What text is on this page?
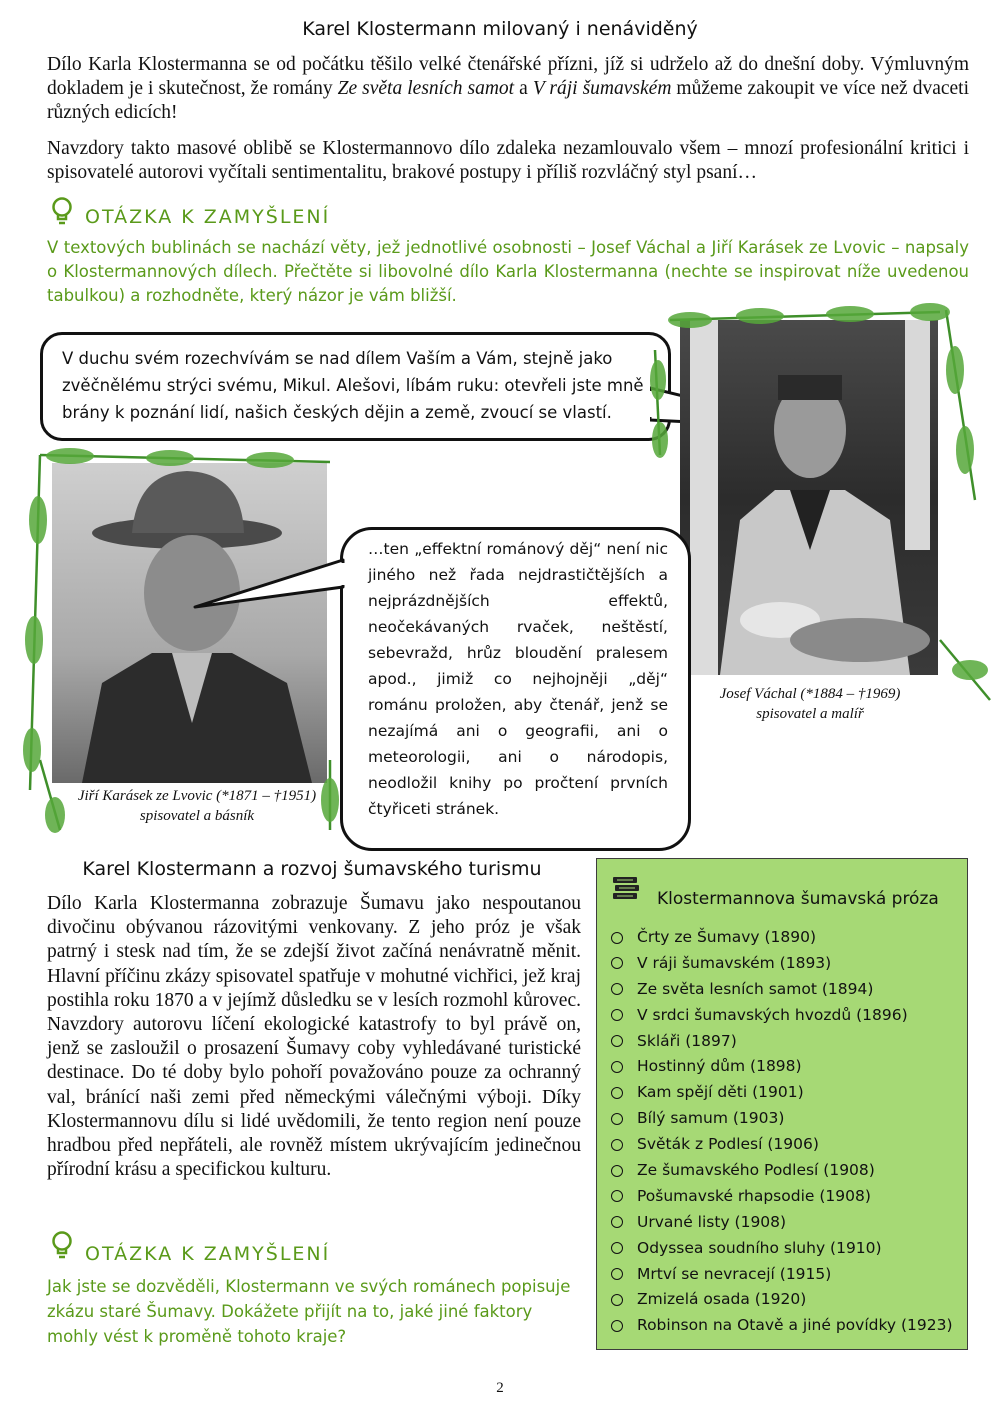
Karel Klostermann milovaný i nenáviděný
Dílo Karla Klostermanna se od počátku těšilo velké čtenářské přízni, jíž si udrželo až do dnešní doby. Výmluvným dokladem je i skutečnost, že romány Ze světa lesních samot a V ráji šumavském můžeme zakoupit ve více než dvaceti různých edicích!
Navzdory takto masové oblibě se Klostermannovo dílo zdaleka nezamlouvalo všem – mnozí profesionální kritici i spisovatelé autorovi vyčítali sentimentalitu, brakové postupy i příliš rozvláčný styl psaní…
OTÁZKA K ZAMYŠLENÍ
V textových bublinách se nachází věty, jež jednotlivé osobnosti – Josef Váchal a Jiří Karásek ze Lvovic – napsaly o Klostermannových dílech. Přečtěte si libovolné dílo Karla Klostermanna (nechte se inspirovat níže uvedenou tabulkou) a rozhodněte, který názor je vám bližší.
V duchu svém rozechvívám se nad dílem Vaším a Vám, stejně jako zvěčnělému strýci svému, Mikul. Alešovi, líbám ruku: otevřeli jste mně brány k poznání lidí, našich českých dějin a země, zvoucí se vlastí.
Josef Váchal (*1884 – †1969)
spisovatel a malíř
Jiří Karásek ze Lvovic (*1871 – †1951)
spisovatel a básník
…ten „effektní románový děj“ není nic jiného než řada nejdrastičtějších a nejprázdnějších effektů, neočekávaných rvaček, neštěstí, sebevražd, hrůz bloudění pralesem apod., jimiž co nejhojněji „děj“ románu proložen, aby čtenář, jenž se nezajímá ani o geografii, ani o meteorologii, ani o národopis, neodložil knihy po pročtení prvních čtyřiceti stránek.
Karel Klostermann a rozvoj šumavského turismu
Dílo Karla Klostermanna zobrazuje Šumavu jako nespoutanou divočinu obývanou rázovitými venkovany. Z jeho próz je však patrný i stesk nad tím, že se zdejší život začíná nenávratně měnit. Hlavní příčinu zkázy spisovatel spatřuje v mohutné vichřici, jež kraj postihla roku 1870 a v jejímž důsledku se v lesích rozmohl kůrovec. Navzdory autorovu líčení ekologické katastrofy to byl právě on, jenž se zasloužil o prosazení Šumavy coby vyhledávané turistické destinace. Do té doby bylo pohoří považováno pouze za ochranný val, bránící naši zemi před německými válečnými výboji. Díky Klostermannovu dílu si lidé uvědomili, že tento region není pouze hradbou před nepřáteli, ale rovněž místem ukrývajícím jedinečnou přírodní krásu a specifickou kulturu.
OTÁZKA K ZAMYŠLENÍ
Jak jste se dozvěděli, Klostermann ve svých románech popisuje zkázu staré Šumavy. Dokážete přijít na to, jaké jiné faktory mohly vést k proměně tohoto kraje?
Klostermannova šumavská próza
Črty ze Šumavy (1890)
V ráji šumavském (1893)
Ze světa lesních samot (1894)
V srdci šumavských hvozdů (1896)
Skláři (1897)
Hostinný dům (1898)
Kam spějí děti (1901)
Bílý samum (1903)
Světák z Podlesí (1906)
Ze šumavského Podlesí (1908)
Pošumavské rhapsodie (1908)
Urvané listy (1908)
Odyssea soudního sluhy (1910)
Mrtví se nevracejí (1915)
Zmizelá osada (1920)
Robinson na Otavě a jiné povídky (1923)
2
